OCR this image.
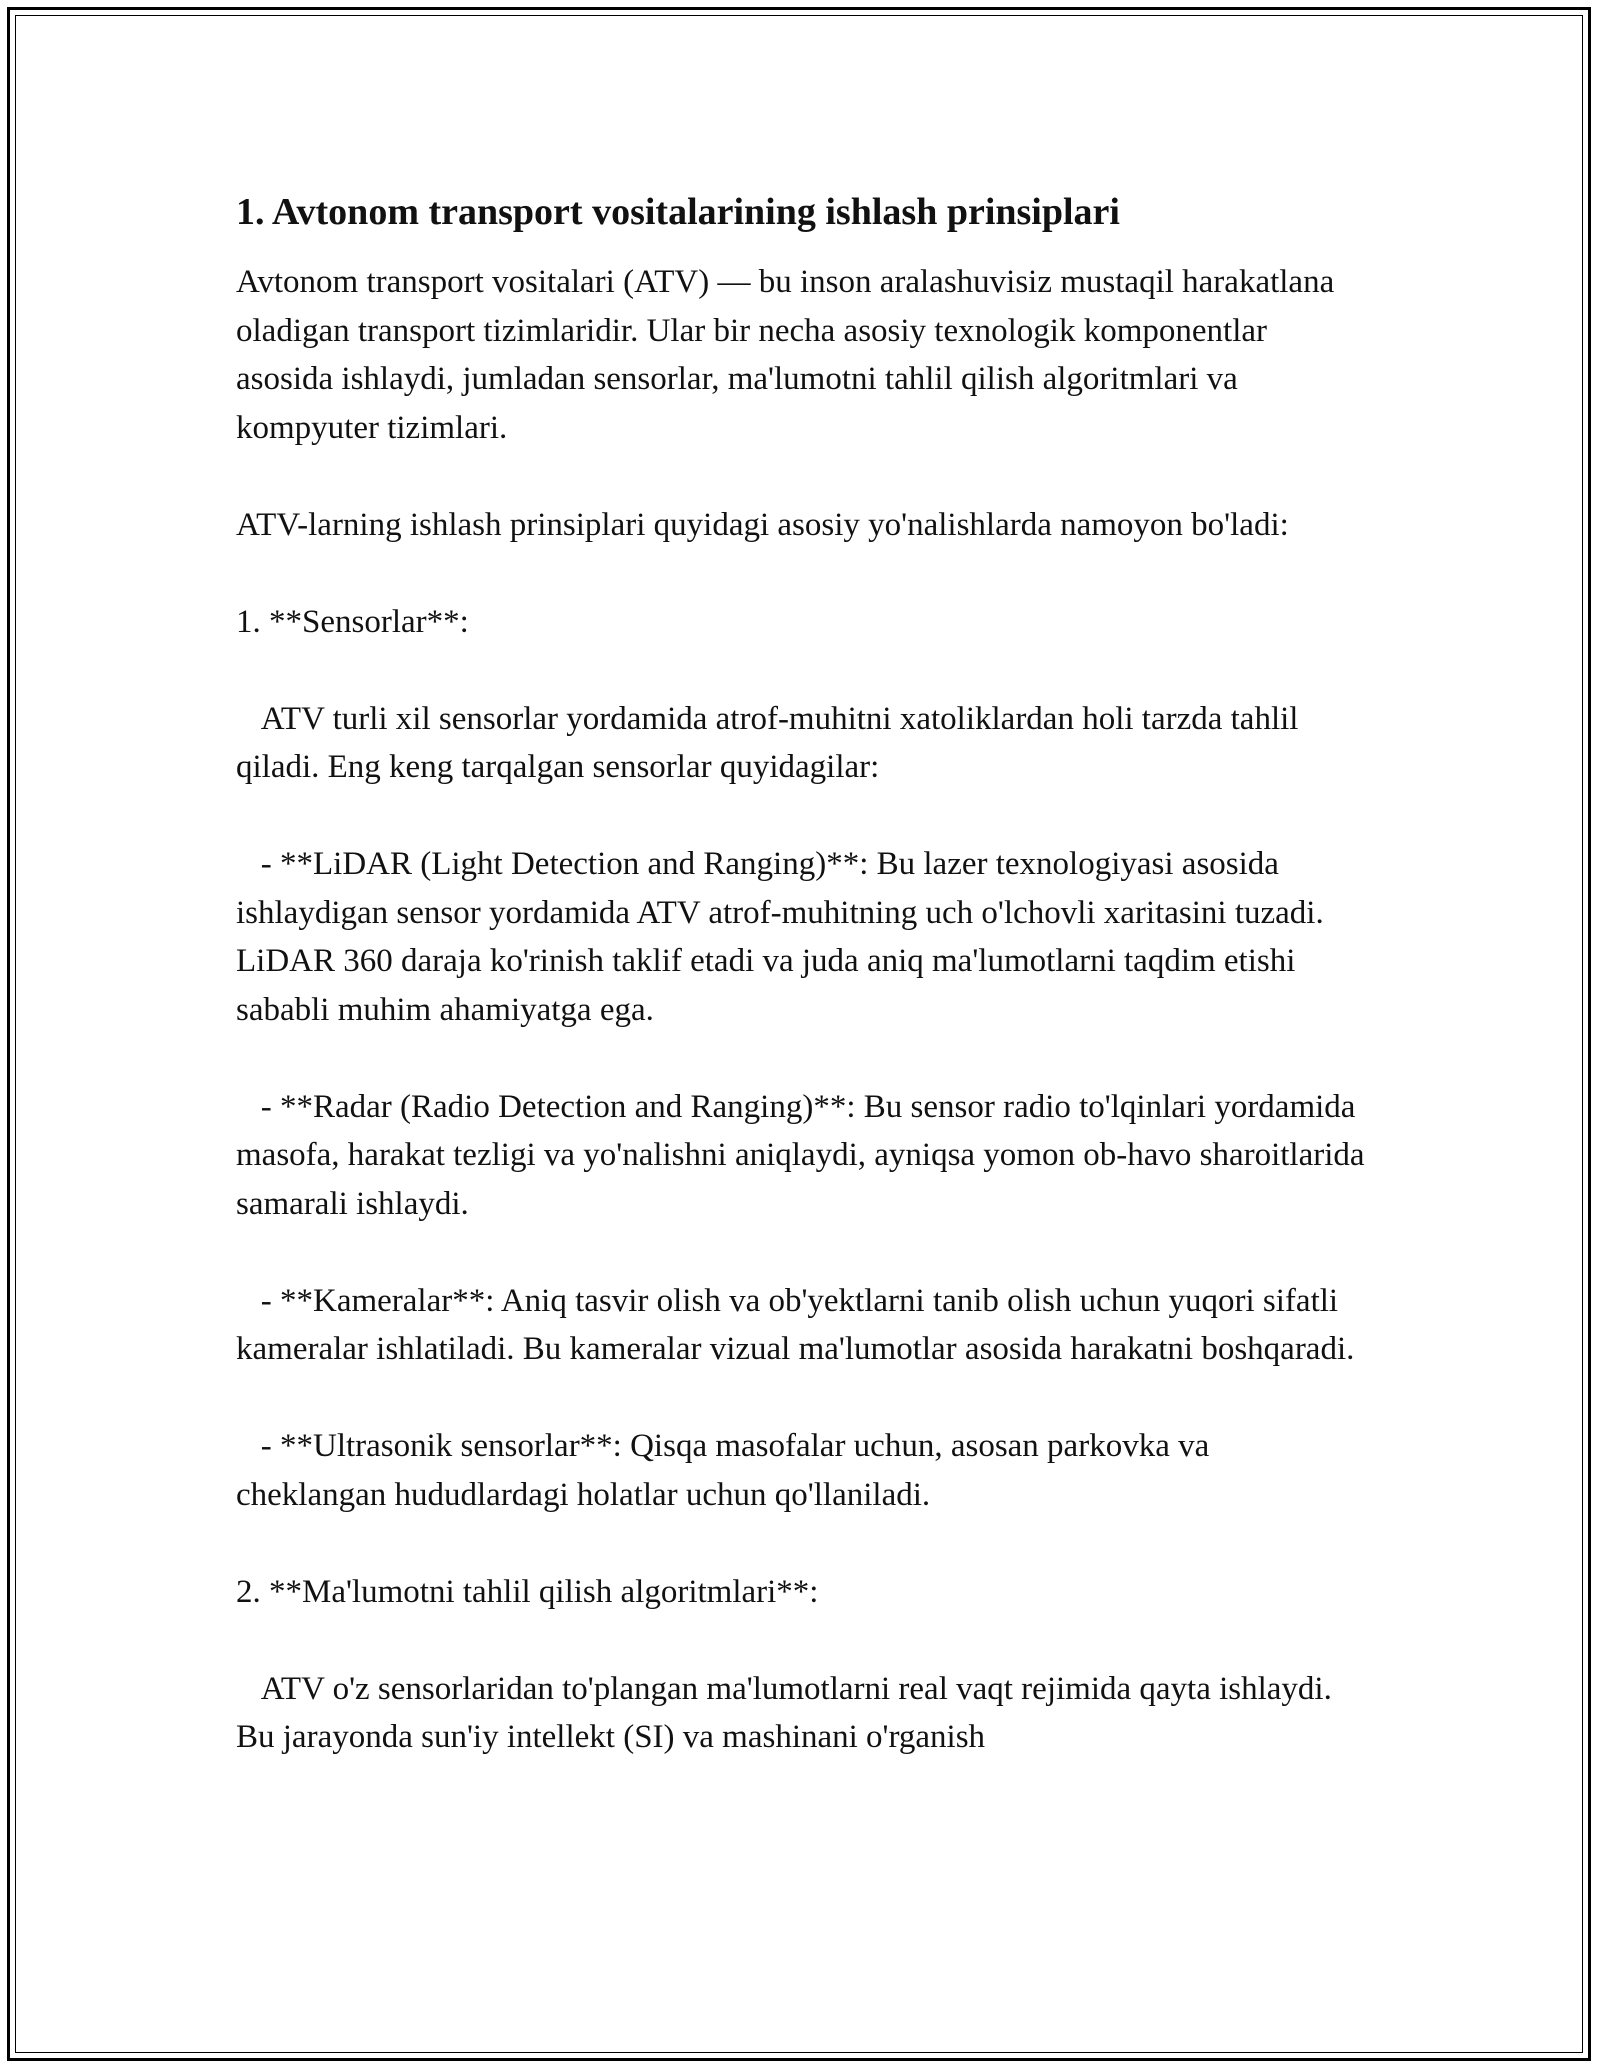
1. Avtonom transport vositalarining ishlash prinsiplari

Avtonom transport vositalari (ATV) — bu inson aralashuvisiz mustaqil harakatlana oladigan transport tizimlaridir. Ular bir necha asosiy texnologik komponentlar asosida ishlaydi, jumladan sensorlar, ma'lumotni tahlil qilish algoritmlari va kompyuter tizimlari.

ATV-larning ishlash prinsiplari quyidagi asosiy yo'nalishlarda namoyon bo'ladi:

1. **Sensorlar**:

ATV turli xil sensorlar yordamida atrof-muhitni xatoliklardan holi tarzda tahlil qiladi. Eng keng tarqalgan sensorlar quyidagilar:

- **LiDAR (Light Detection and Ranging)**: Bu lazer texnologiyasi asosida ishlaydigan sensor yordamida ATV atrof-muhitning uch o'lchovli xaritasini tuzadi. LiDAR 360 daraja ko'rinish taklif etadi va juda aniq ma'lumotlarni taqdim etishi sababli muhim ahamiyatga ega.

- **Radar (Radio Detection and Ranging)**: Bu sensor radio to'lqinlari yordamida masofa, harakat tezligi va yo'nalishni aniqlaydi, ayniqsa yomon ob-havo sharoitlarida samarali ishlaydi.

- **Kameralar**: Aniq tasvir olish va ob'yektlarni tanib olish uchun yuqori sifatli kameralar ishlatiladi. Bu kameralar vizual ma'lumotlar asosida harakatni boshqaradi.

- **Ultrasonik sensorlar**: Qisqa masofalar uchun, asosan parkovka va cheklangan hududlardagi holatlar uchun qo'llaniladi.

2. **Ma'lumotni tahlil qilish algoritmlari**:

ATV o'z sensorlaridan to'plangan ma'lumotlarni real vaqt rejimida qayta ishlaydi. Bu jarayonda sun'iy intellekt (SI) va mashinani o'rganish
